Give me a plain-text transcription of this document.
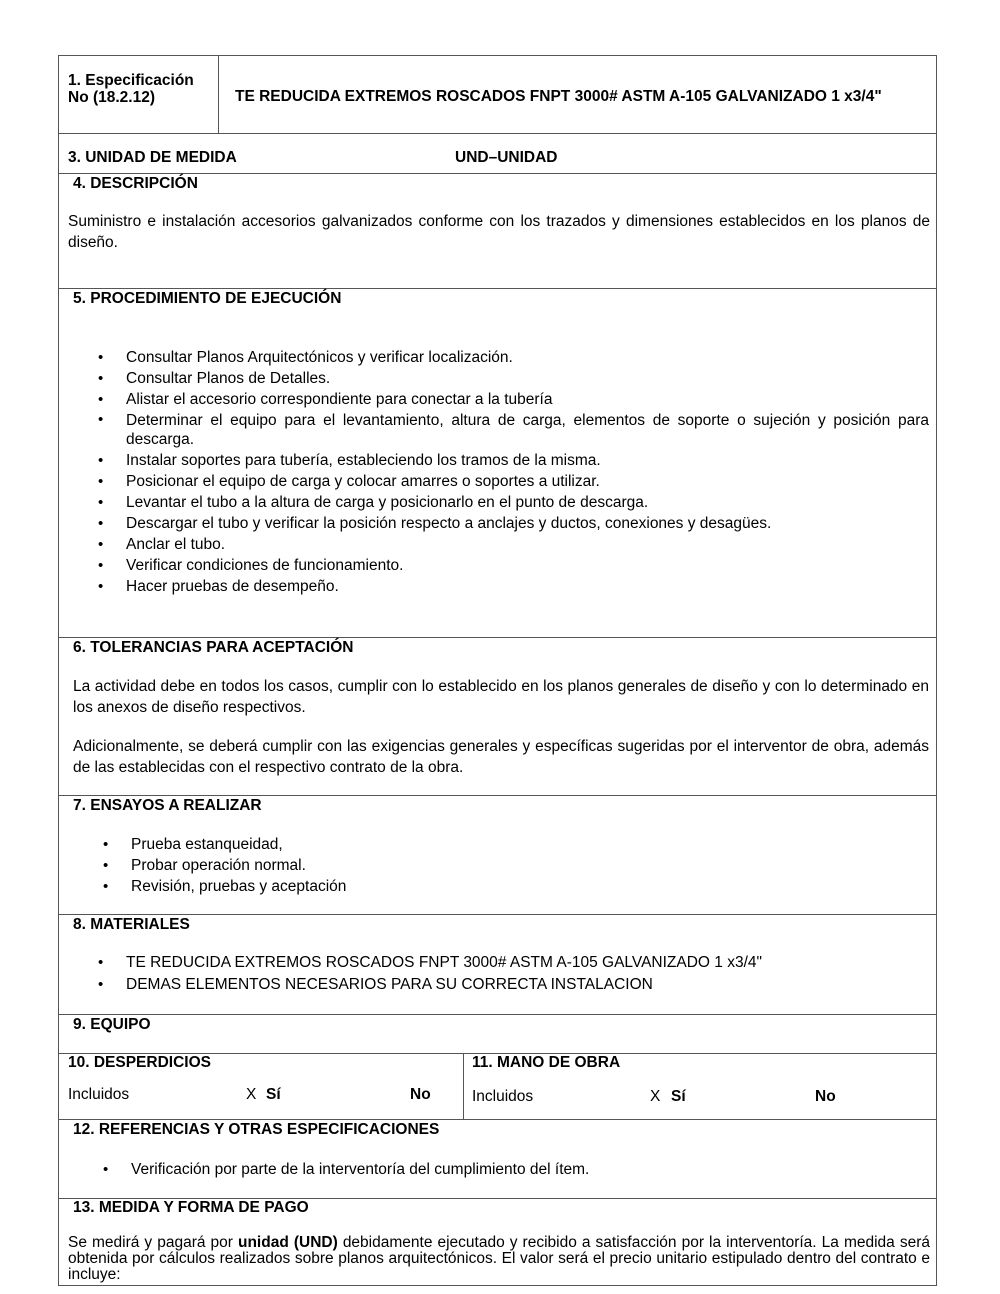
1. Especificación
No (18.2.12)	TE REDUCIDA EXTREMOS ROSCADOS FNPT 3000# ASTM A-105 GALVANIZADO 1 x3/4"
3. UNIDAD DE MEDIDA	UND–UNIDAD
4. DESCRIPCIÓN
Suministro e instalación accesorios galvanizados conforme con los trazados y dimensiones establecidos en los planos de diseño.
5. PROCEDIMIENTO DE EJECUCIÓN
• Consultar Planos Arquitectónicos y verificar localización.
• Consultar Planos de Detalles.
• Alistar el accesorio correspondiente para conectar a la tubería
• Determinar el equipo para el levantamiento, altura de carga, elementos de soporte o sujeción y posición para descarga.
• Instalar soportes para tubería, estableciendo los tramos de la misma.
• Posicionar el equipo de carga y colocar amarres o soportes a utilizar.
• Levantar el tubo a la altura de carga y posicionarlo en el punto de descarga.
• Descargar el tubo y verificar la posición respecto a anclajes y ductos, conexiones y desagües.
• Anclar el tubo.
• Verificar condiciones de funcionamiento.
• Hacer pruebas de desempeño.
6. TOLERANCIAS PARA ACEPTACIÓN
La actividad debe en todos los casos, cumplir con lo establecido en los planos generales de diseño y con lo determinado en los anexos de diseño respectivos.
Adicionalmente, se deberá cumplir con las exigencias generales y específicas sugeridas por el interventor de obra, además de las establecidas con el respectivo contrato de la obra.
7. ENSAYOS A REALIZAR
• Prueba estanqueidad,
• Probar operación normal.
• Revisión, pruebas y aceptación
8. MATERIALES
• TE REDUCIDA EXTREMOS ROSCADOS FNPT 3000# ASTM A-105 GALVANIZADO 1 x3/4"
• DEMAS ELEMENTOS NECESARIOS PARA SU CORRECTA INSTALACION
9. EQUIPO
10. DESPERDICIOS
Incluidos	X Sí	No
11. MANO DE OBRA
Incluidos	X Sí	No
12. REFERENCIAS Y OTRAS ESPECIFICACIONES
• Verificación por parte de la interventoría del cumplimiento del ítem.
13. MEDIDA Y FORMA DE PAGO
Se medirá y pagará por unidad (UND) debidamente ejecutado y recibido a satisfacción por la interventoría. La medida será obtenida por cálculos realizados sobre planos arquitectónicos. El valor será el precio unitario estipulado dentro del contrato e incluye:
